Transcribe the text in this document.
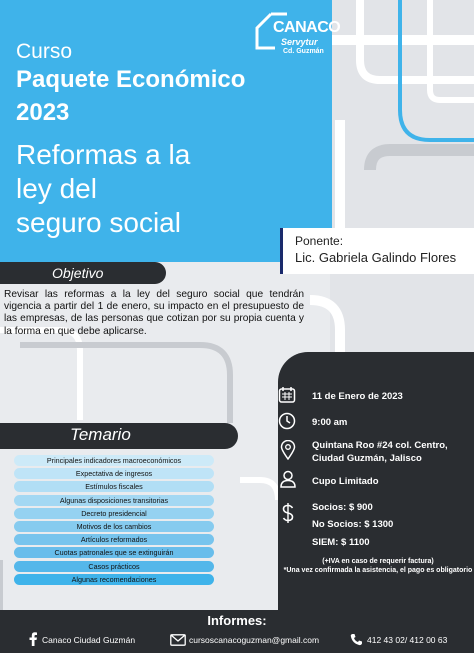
CANACO
Servytur
Cd. Guzmán
Curso
Paquete Económico
2023
Reformas a la
ley del
seguro social
Ponente:
Lic. Gabriela Galindo Flores
Objetivo
Revisar las reformas a la ley del seguro social que tendrán vigencia a partir del 1 de enero, su impacto en el presupuesto de las empresas, de las personas que cotizan por su propia cuenta y la forma en que debe aplicarse.
11 de Enero de 2023
9:00 am
Quintana Roo #24 col. Centro,
Ciudad Guzmán, Jalisco
Cupo Limitado
Socios: $ 900
No Socios: $ 1300
SIEM: $ 1100
(+IVA en caso de requerir factura)
*Una vez confirmada la asistencia, el pago es obligatorio
Temario
Principales indicadores macroeconómicos
Expectativa de ingresos
Estímulos fiscales
Algunas disposiciones transitorias
Decreto presidencial
Motivos de los cambios
Artículos reformados
Cuotas patronales que se extinguirán
Casos prácticos
Algunas recomendaciones
Informes:
Canaco Ciudad Guzmán	cursoscanacoguzman@gmail.com	412 43 02/ 412 00 63
